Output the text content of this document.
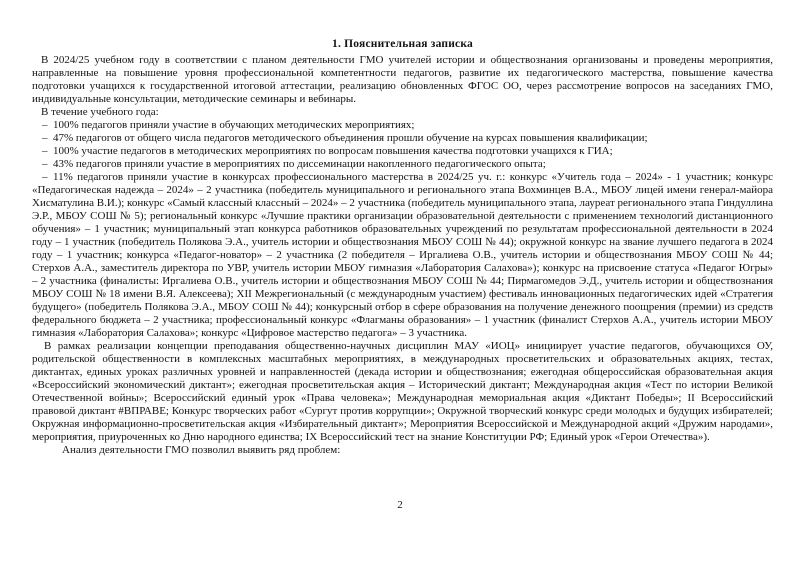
1. Пояснительная записка

В 2024/25 учебном году в соответствии с планом деятельности ГМО учителей истории и обществознания организованы и проведены мероприятия, направленные на повышение уровня профессиональной компетентности педагогов, развитие их педагогического мастерства, повышение качества подготовки учащихся к государственной итоговой аттестации, реализацию обновленных ФГОС ОО, через рассмотрение вопросов на заседаниях ГМО, индивидуальные консультации, методические семинары и вебинары.

В течение учебного года:

– 100% педагогов приняли участие в обучающих методических мероприятиях;

– 47% педагогов от общего числа педагогов методического объединения прошли обучение на курсах повышения квалификации;

– 100% участие педагогов в методических мероприятиях по вопросам повышения качества подготовки учащихся к ГИА;

– 43% педагогов приняли участие в мероприятиях по диссеминации накопленного педагогического опыта;

– 11% педагогов приняли участие в конкурсах профессионального мастерства в 2024/25 уч. г.: конкурс «Учитель года – 2024» - 1 участник; конкурс «Педагогическая надежда – 2024» – 2 участника (победитель муниципального и регионального этапа Вохминцев В.А., МБОУ лицей имени генерал-майора Хисматулина В.И.); конкурс «Самый классный классный – 2024» – 2 участника (победитель муниципального этапа, лауреат регионального этапа Гиндуллина Э.Р., МБОУ СОШ № 5); региональный конкурс «Лучшие практики организации образовательной деятельности с применением технологий дистанционного обучения» – 1 участник; муниципальный этап конкурса работников образовательных учреждений по результатам профессиональной деятельности в 2024 году – 1 участник (победитель Полякова Э.А., учитель истории и обществознания МБОУ СОШ № 44); окружной конкурс на звание лучшего педагога в 2024 году – 1 участник; конкурса «Педагог-новатор» – 2 участника (2 победителя – Иргалиева О.В., учитель истории и обществознания МБОУ СОШ № 44; Стерхов А.А., заместитель директора по УВР, учитель истории МБОУ гимназия «Лаборатория Салахова»); конкурс на присвоение статуса «Педагог Югры» – 2 участника (финалисты: Иргалиева О.В., учитель истории и обществознания МБОУ СОШ № 44; Пирмагомедов Э.Д., учитель истории и обществознания МБОУ СОШ № 18 имени В.Я. Алексеева); XII Межрегиональный (с международным участием) фестиваль инновационных педагогических идей «Стратегия будущего» (победитель Полякова Э.А., МБОУ СОШ № 44); конкурсный отбор в сфере образования на получение денежного поощрения (премии) из средств федерального бюджета – 2 участника; профессиональный конкурс «Флагманы образования» – 1 участник (финалист Стерхов А.А., учитель истории МБОУ гимназия «Лаборатория Салахова»; конкурс «Цифровое мастерство педагога» – 3 участника.

В рамках реализации концепции преподавания общественно-научных дисциплин МАУ «ИОЦ» инициирует участие педагогов, обучающихся ОУ, родительской общественности в комплексных масштабных мероприятиях, в международных просветительских и образовательных акциях, тестах, диктантах, единых уроках различных уровней и направленностей (декада истории и обществознания; ежегодная общероссийская образовательная акция «Всероссийский экономический диктант»; ежегодная просветительская акция – Исторический диктант; Международная акция «Тест по истории Великой Отечественной войны»; Всероссийский единый урок «Права человека»; Международная мемориальная акция «Диктант Победы»; II Всероссийский правовой диктант #ВПРАВЕ; Конкурс творческих работ «Сургут против коррупции»; Окружной творческий конкурс среди молодых и будущих избирателей; Окружная информационно-просветительская акция «Избирательный диктант»; Мероприятия Всероссийской и Международной акций «Дружим народами», мероприятия, приуроченных ко Дню народного единства; IX Всероссийский тест на знание Конституции РФ; Единый урок «Герои Отечества»).

Анализ деятельности ГМО позволил выявить ряд проблем:

2
